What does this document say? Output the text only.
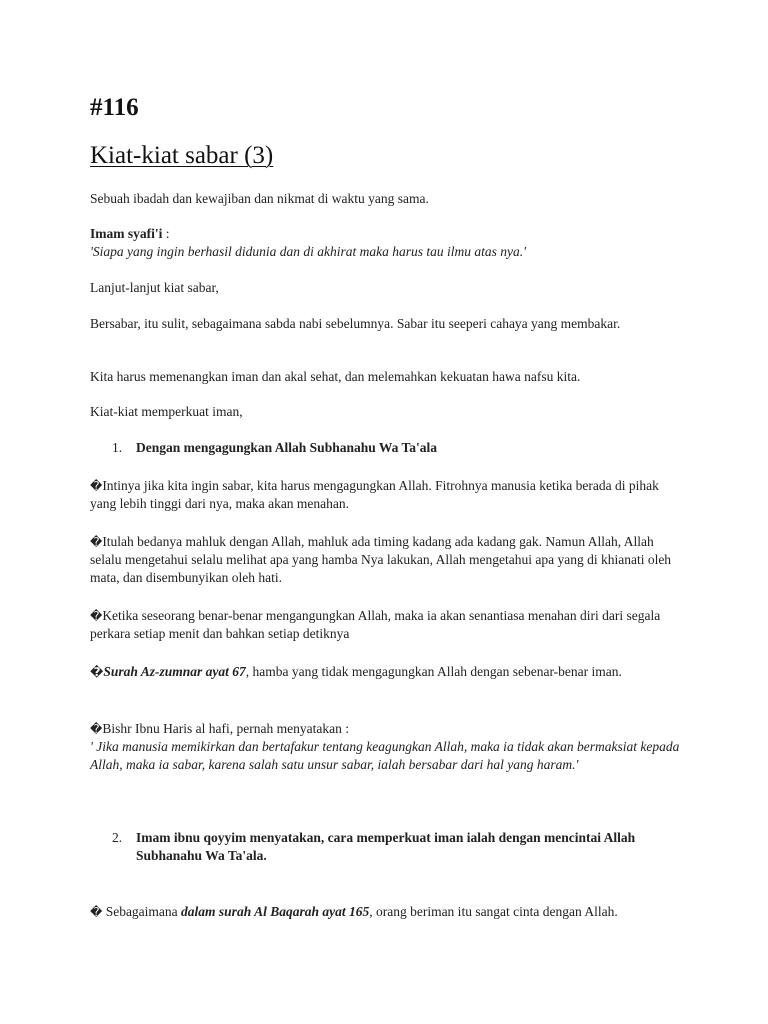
#116
Kiat-kiat sabar (3)
Sebuah ibadah dan kewajiban dan nikmat di waktu yang sama.
Imam syafi'i :
'Siapa yang ingin berhasil didunia dan di akhirat maka harus tau ilmu atas nya.'
Lanjut-lanjut kiat sabar,
Bersabar, itu sulit, sebagaimana sabda nabi sebelumnya. Sabar itu seeperi cahaya yang membakar.
Kita harus memenangkan iman dan akal sehat, dan melemahkan kekuatan hawa nafsu kita.
Kiat-kiat memperkuat iman,
1. Dengan mengagungkan Allah Subhanahu Wa Ta'ala
�Intinya jika kita ingin sabar, kita harus mengagungkan Allah. Fitrohnya manusia ketika berada di pihak yang lebih tinggi dari nya, maka akan menahan.
�Itulah bedanya mahluk dengan Allah, mahluk ada timing kadang ada kadang gak. Namun Allah, Allah selalu mengetahui selalu melihat apa yang hamba Nya lakukan, Allah mengetahui apa yang di khianati oleh mata, dan disembunyikan oleh hati.
�Ketika seseorang benar-benar mengangungkan Allah, maka ia akan senantiasa menahan diri dari segala perkara setiap menit dan bahkan setiap detiknya
�Surah Az-zumnar ayat 67, hamba yang tidak mengagungkan Allah dengan sebenar-benar iman.
�Bishr Ibnu Haris al hafi, pernah menyatakan :
' Jika manusia memikirkan dan bertafakur tentang keagungkan Allah, maka ia tidak akan bermaksiat kepada Allah, maka ia sabar, karena salah satu unsur sabar, ialah bersabar dari hal yang haram.'
2. Imam ibnu qoyyim menyatakan, cara memperkuat iman ialah dengan mencintai Allah Subhanahu Wa Ta'ala.
� Sebagaimana dalam surah Al Baqarah ayat 165, orang beriman itu sangat cinta dengan Allah.
